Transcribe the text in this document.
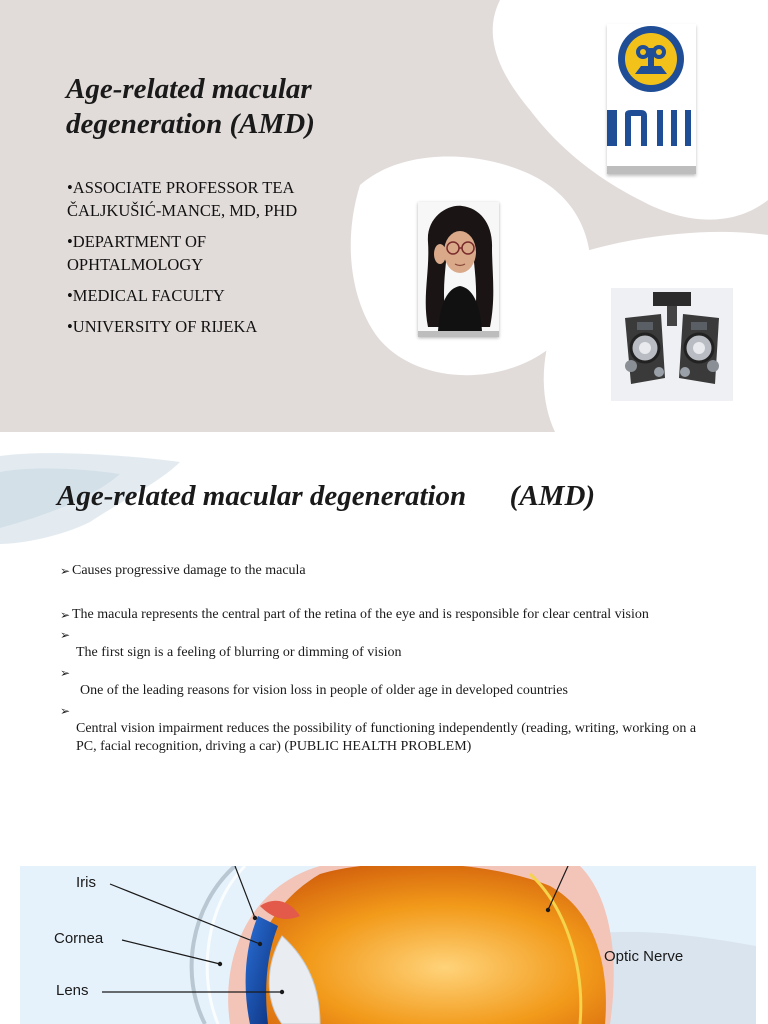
Age-related macular degeneration (AMD)
•ASSOCIATE PROFESSOR TEA ČALJKUŠIĆ-MANCE, MD, PHD
•DEPARTMENT OF OPHTALMOLOGY
•MEDICAL FACULTY
•UNIVERSITY OF RIJEKA
Age-related macular degeneration      (AMD)
➢ Causes progressive damage to the macula
➢ The macula represents the central part of the retina of the eye and is responsible for clear central vision
➢
The first sign is a feeling of blurring or dimming of vision
➢
One of the leading reasons for vision loss in people of older age in developed countries
➢
Central vision impairment reduces the possibility of functioning independently (reading, writing, working on a PC, facial recognition, driving a car) (PUBLIC HEALTH PROBLEM)
Iris
Cornea
Lens
Optic Nerve
